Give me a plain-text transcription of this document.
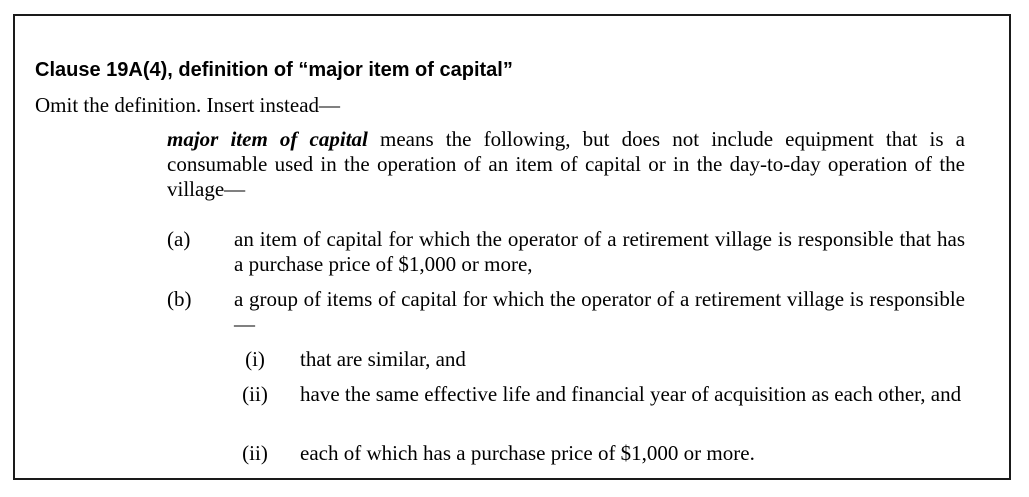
Clause 19A(4), definition of “major item of capital”

Omit the definition. Insert instead—

major item of capital means the following, but does not include equipment that is a consumable used in the operation of an item of capital or in the day-to-day operation of the village—

(a) an item of capital for which the operator of a retirement village is responsible that has a purchase price of $1,000 or more,
(b) a group of items of capital for which the operator of a retirement village is responsible—
(i)	that are similar, and
(ii)	have the same effective life and financial year of acquisition as each other, and
(ii)	each of which has a purchase price of $1,000 or more.
